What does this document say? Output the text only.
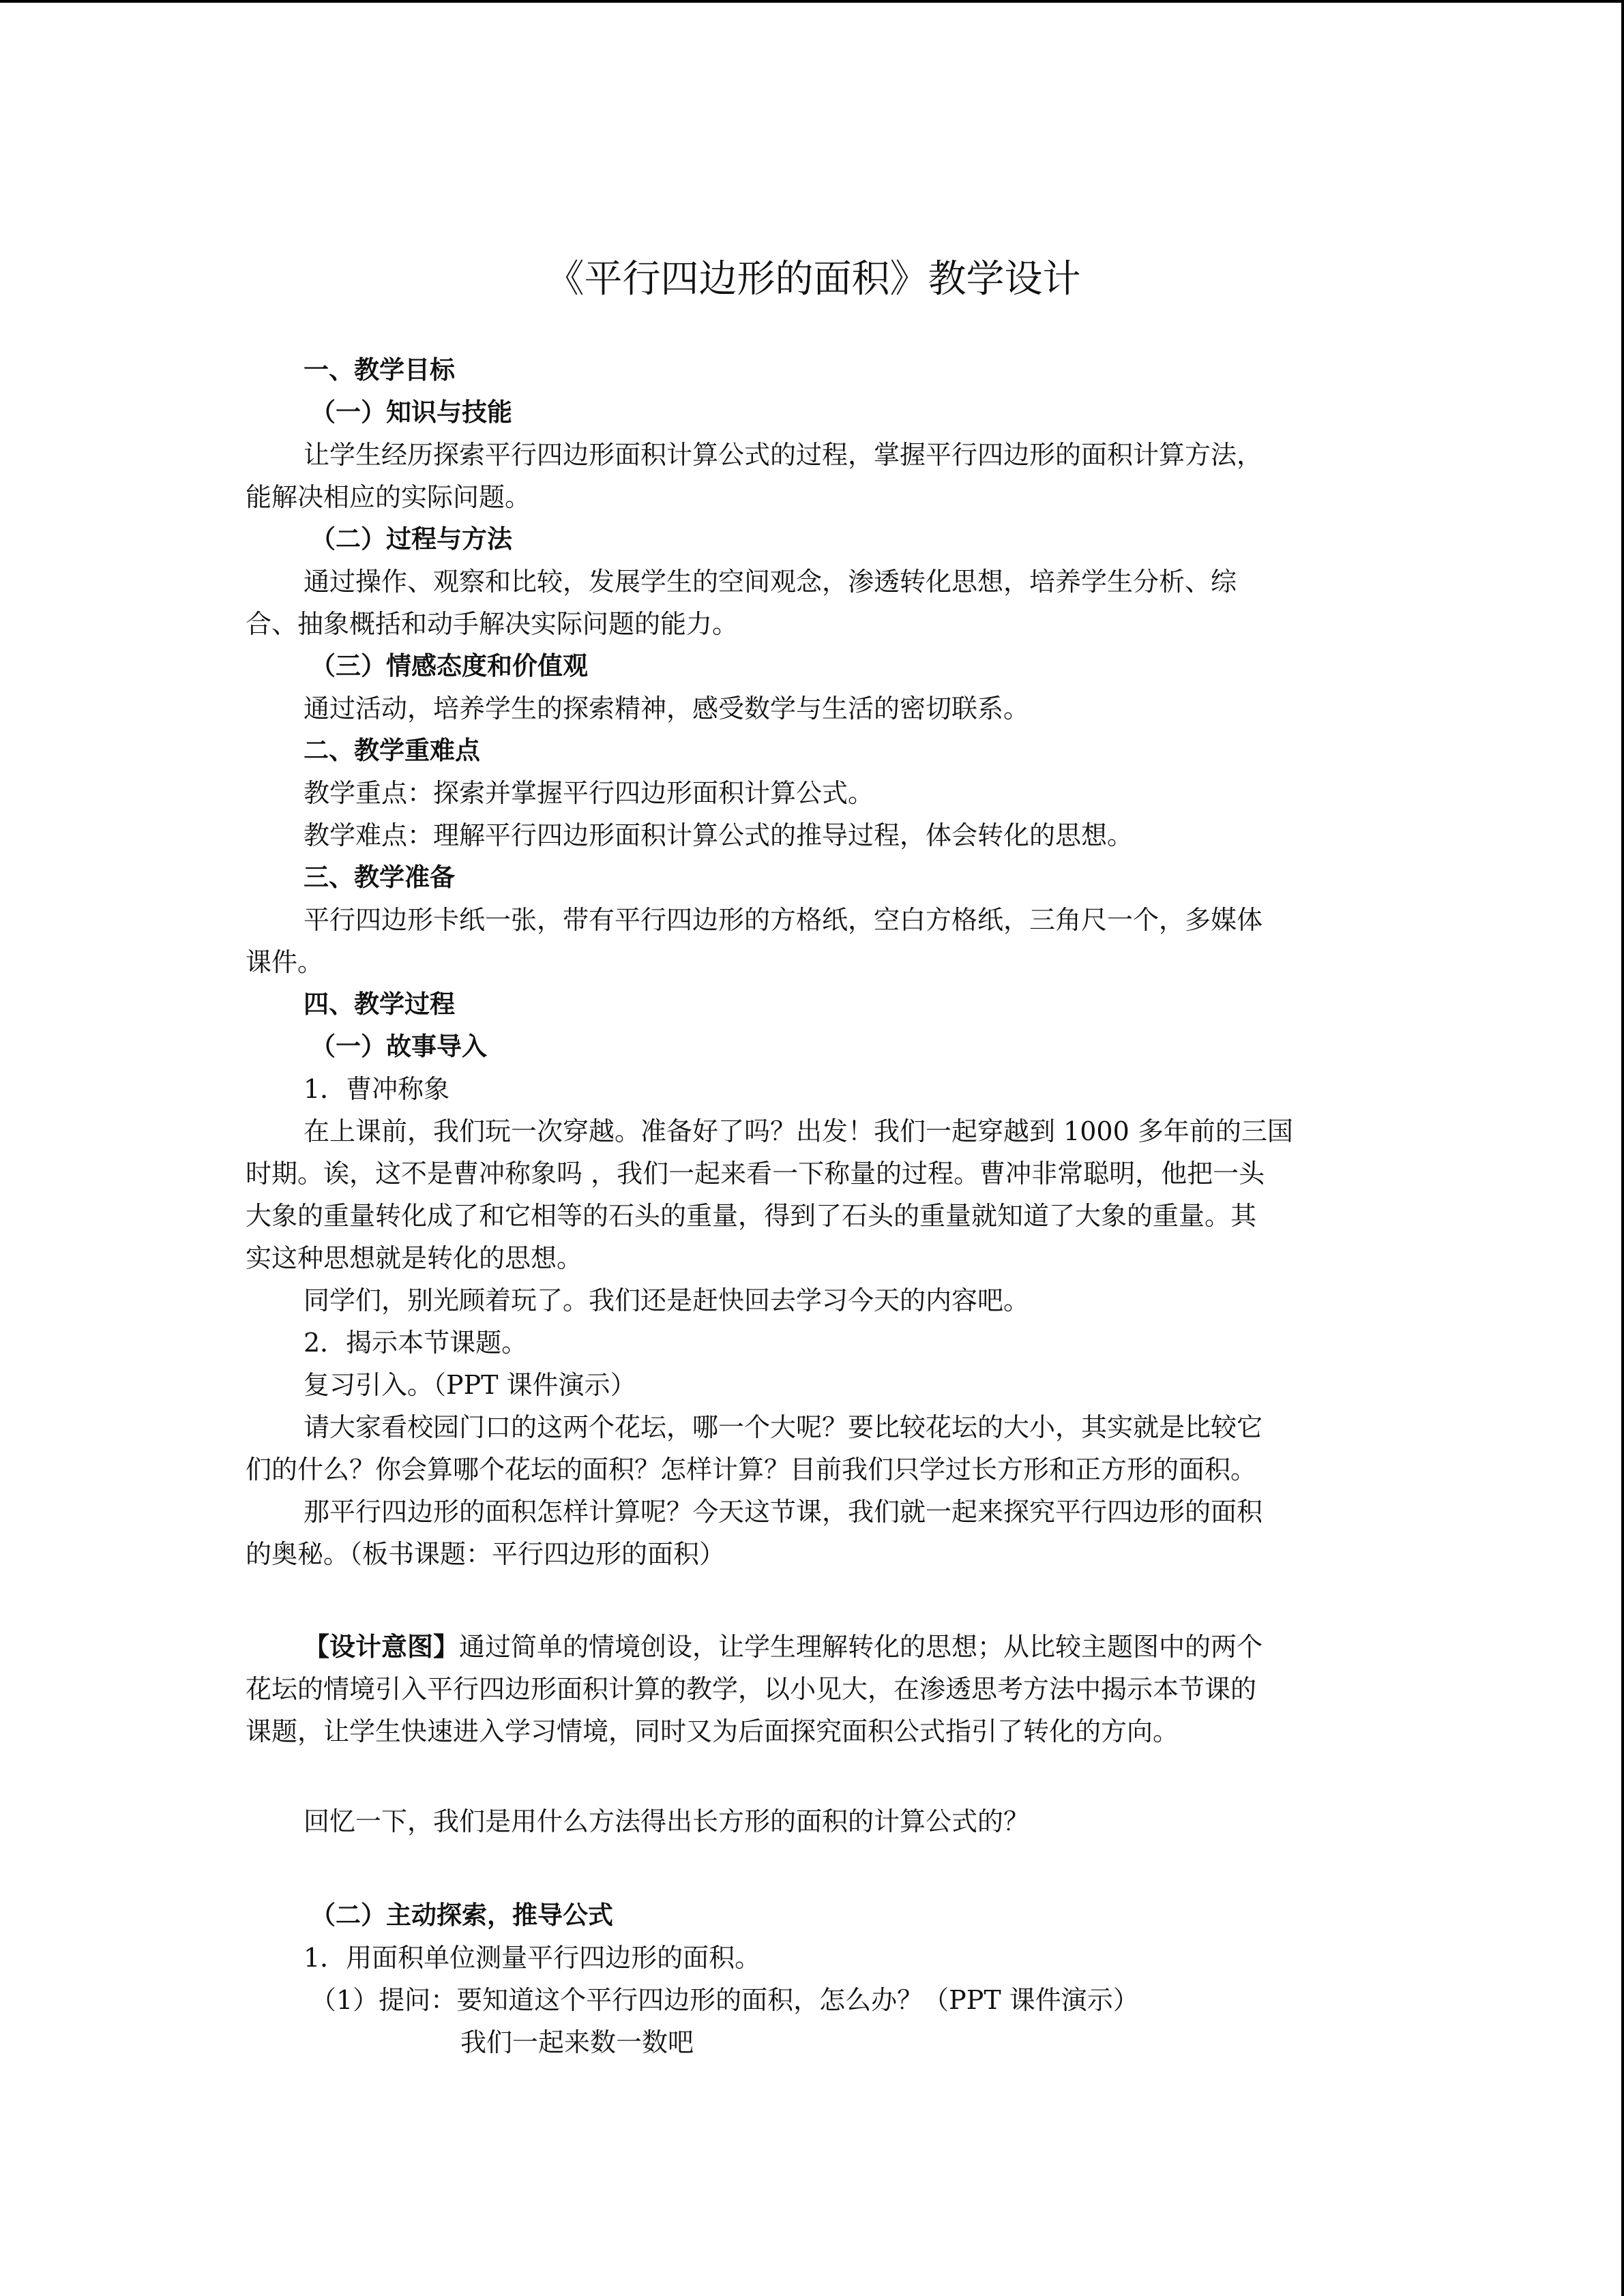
《平行四边形的面积》教学设计

一、教学目标

（一）知识与技能

让学生经历探索平行四边形面积计算公式的过程，掌握平行四边形的面积计算方法，

能解决相应的实际问题。

（二）过程与方法

通过操作、观察和比较，发展学生的空间观念，渗透转化思想，培养学生分析、综

合、抽象概括和动手解决实际问题的能力。

（三）情感态度和价值观

通过活动，培养学生的探索精神，感受数学与生活的密切联系。

二、教学重难点

教学重点：探索并掌握平行四边形面积计算公式。

教学难点：理解平行四边形面积计算公式的推导过程，体会转化的思想。

三、教学准备

平行四边形卡纸一张，带有平行四边形的方格纸，空白方格纸，三角尺一个，多媒体

课件。

四、教学过程

（一）故事导入

1．曹冲称象

在上课前，我们玩一次穿越。准备好了吗？出发！我们一起穿越到 1000 多年前的三国

时期。诶，这不是曹冲称象吗 ，我们一起来看一下称量的过程。曹冲非常聪明，他把一头

大象的重量转化成了和它相等的石头的重量，得到了石头的重量就知道了大象的重量。其

实这种思想就是转化的思想。

同学们，别光顾着玩了。我们还是赶快回去学习今天的内容吧。

2．揭示本节课题。

复习引入。（PPT 课件演示）

请大家看校园门口的这两个花坛，哪一个大呢？要比较花坛的大小，其实就是比较它

们的什么？你会算哪个花坛的面积？怎样计算？目前我们只学过长方形和正方形的面积。

那平行四边形的面积怎样计算呢？今天这节课，我们就一起来探究平行四边形的面积

的奥秘。（板书课题：平行四边形的面积）

【设计意图】通过简单的情境创设，让学生理解转化的思想；从比较主题图中的两个

花坛的情境引入平行四边形面积计算的教学，以小见大，在渗透思考方法中揭示本节课的

课题，让学生快速进入学习情境，同时又为后面探究面积公式指引了转化的方向。

回忆一下，我们是用什么方法得出长方形的面积的计算公式的？

（二）主动探索，推导公式

1．用面积单位测量平行四边形的面积。

（1）提问：要知道这个平行四边形的面积，怎么办？（PPT 课件演示）

我们一起来数一数吧
